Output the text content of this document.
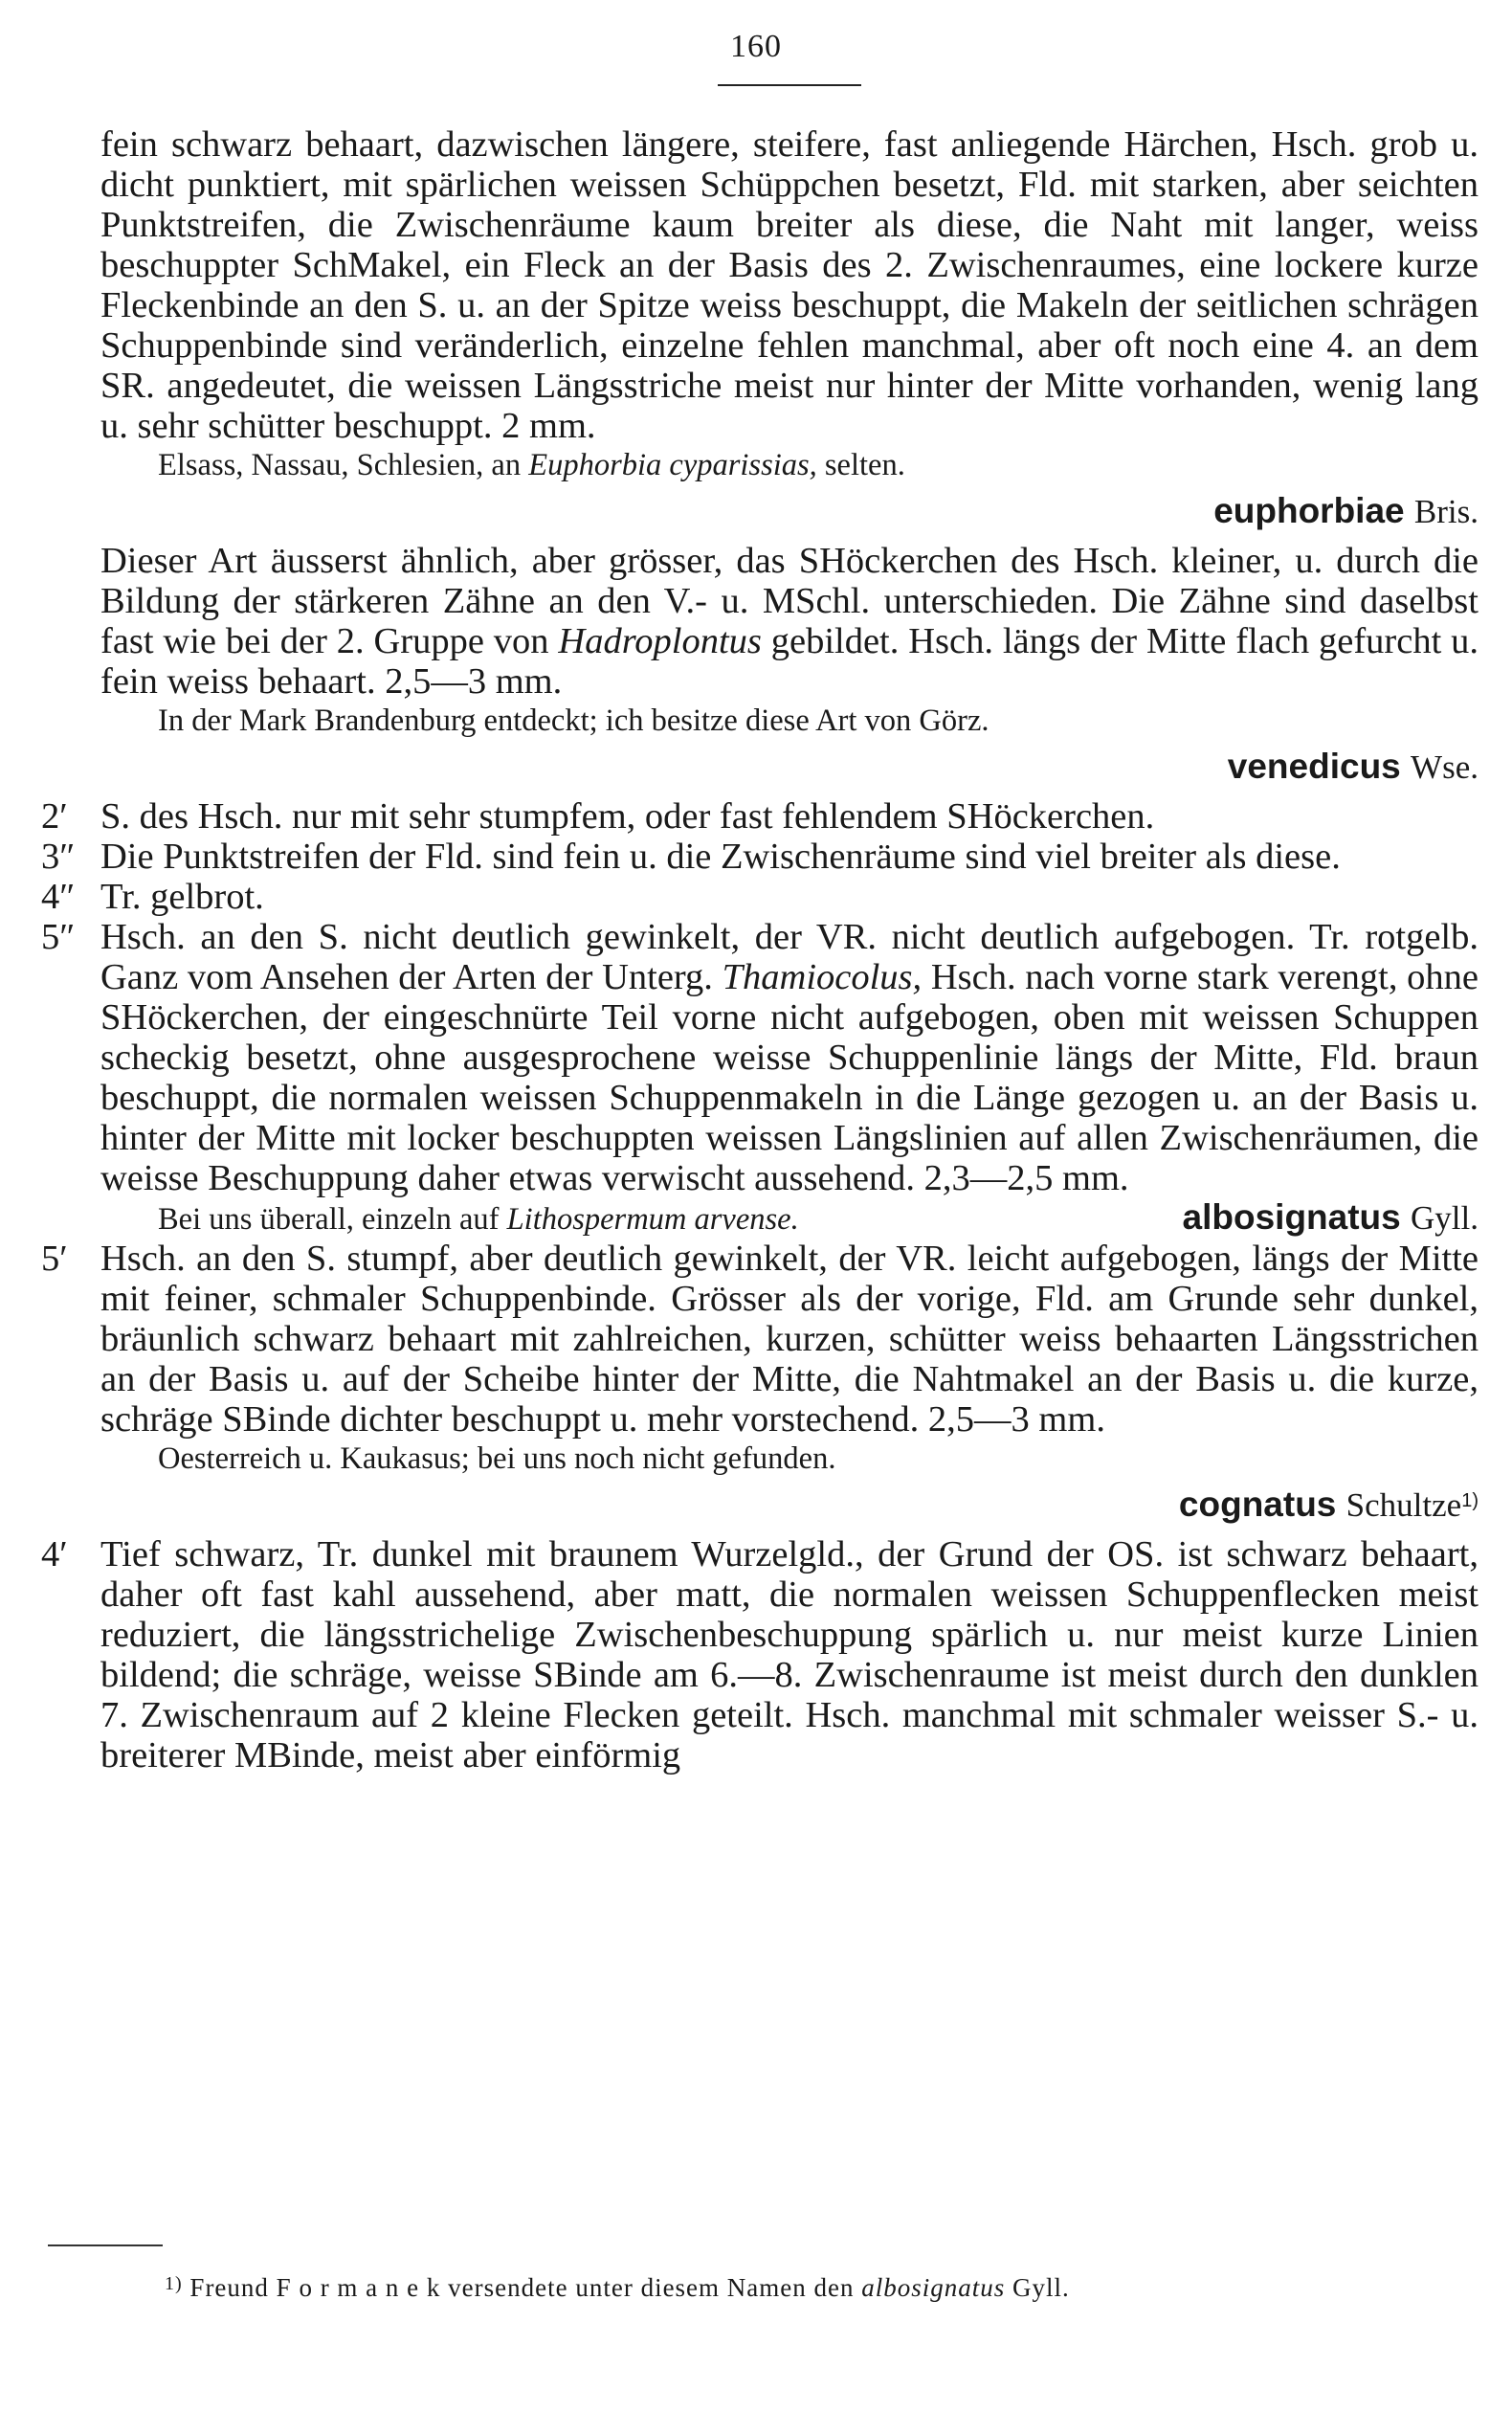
160

fein schwarz behaart, dazwischen längere, steifere, fast anliegende Härchen, Hsch. grob u. dicht punktiert, mit spärlichen weissen Schüppchen besetzt, Fld. mit starken, aber seichten Punktstreifen, die Zwischenräume kaum breiter als diese, die Naht mit langer, weiss beschuppter SchMakel, ein Fleck an der Basis des 2. Zwischenraumes, eine lockere kurze Fleckenbinde an den S. u. an der Spitze weiss beschuppt, die Makeln der seitlichen schrägen Schuppenbinde sind veränderlich, einzelne fehlen manchmal, aber oft noch eine 4. an dem SR. angedeutet, die weissen Längsstriche meist nur hinter der Mitte vorhanden, wenig lang u. sehr schütter beschuppt. 2 mm.

Elsass, Nassau, Schlesien, an Euphorbia cyparissias, selten.

euphorbiae Bris.

Dieser Art äusserst ähnlich, aber grösser, das SHöckerchen des Hsch. kleiner, u. durch die Bildung der stärkeren Zähne an den V.- u. MSchl. unterschieden. Die Zähne sind daselbst fast wie bei der 2. Gruppe von Hadroplontus gebildet. Hsch. längs der Mitte flach gefurcht u. fein weiss behaart. 2,5—3 mm.

In der Mark Brandenburg entdeckt; ich besitze diese Art von Görz.

venedicus Wse.
2′ S. des Hsch. nur mit sehr stumpfem, oder fast fehlendem SHöckerchen.

3″ Die Punktstreifen der Fld. sind fein u. die Zwischenräume sind viel breiter als diese.

4″ Tr. gelbrot.

5″ Hsch. an den S. nicht deutlich gewinkelt, der VR. nicht deutlich aufgebogen. Tr. rotgelb. Ganz vom Ansehen der Arten der Unterg. Thamiocolus, Hsch. nach vorne stark verengt, ohne SHöckerchen, der eingeschnürte Teil vorne nicht aufgebogen, oben mit weissen Schuppen scheckig besetzt, ohne ausgesprochene weisse Schuppenlinie längs der Mitte, Fld. braun beschuppt, die normalen weissen Schuppenmakeln in die Länge gezogen u. an der Basis u. hinter der Mitte mit locker beschuppten weissen Längslinien auf allen Zwischenräumen, die weisse Beschuppung daher etwas verwischt aussehend. 2,3—2,5 mm.

Bei uns überall, einzeln auf Lithospermum arvense.	albosignatus Gyll.
5′ Hsch. an den S. stumpf, aber deutlich gewinkelt, der VR. leicht aufgebogen, längs der Mitte mit feiner, schmaler Schuppenbinde. Grösser als der vorige, Fld. am Grunde sehr dunkel, bräunlich schwarz behaart mit zahlreichen, kurzen, schütter weiss behaarten Längsstrichen an der Basis u. auf der Scheibe hinter der Mitte, die Nahtmakel an der Basis u. die kurze, schräge SBinde dichter beschuppt u. mehr vorstechend. 2,5—3 mm.

Oesterreich u. Kaukasus; bei uns noch nicht gefunden.

cognatus Schultze$^{1)}$
4′ Tief schwarz, Tr. dunkel mit braunem Wurzelgld., der Grund der OS. ist schwarz behaart, daher oft fast kahl aussehend, aber matt, die normalen weissen Schuppenflecken meist reduziert, die längsstrichelige Zwischenbeschuppung spärlich u. nur meist kurze Linien bildend; die schräge, weisse SBinde am 6.—8. Zwischenraume ist meist durch den dunklen 7. Zwischenraum auf 2 kleine Flecken geteilt. Hsch. manchmal mit schmaler weisser S.- u. breiterer MBinde, meist aber einförmig

$^{1)}$ Freund F o r m a n e k versendete unter diesem Namen den albosignatus Gyll.
